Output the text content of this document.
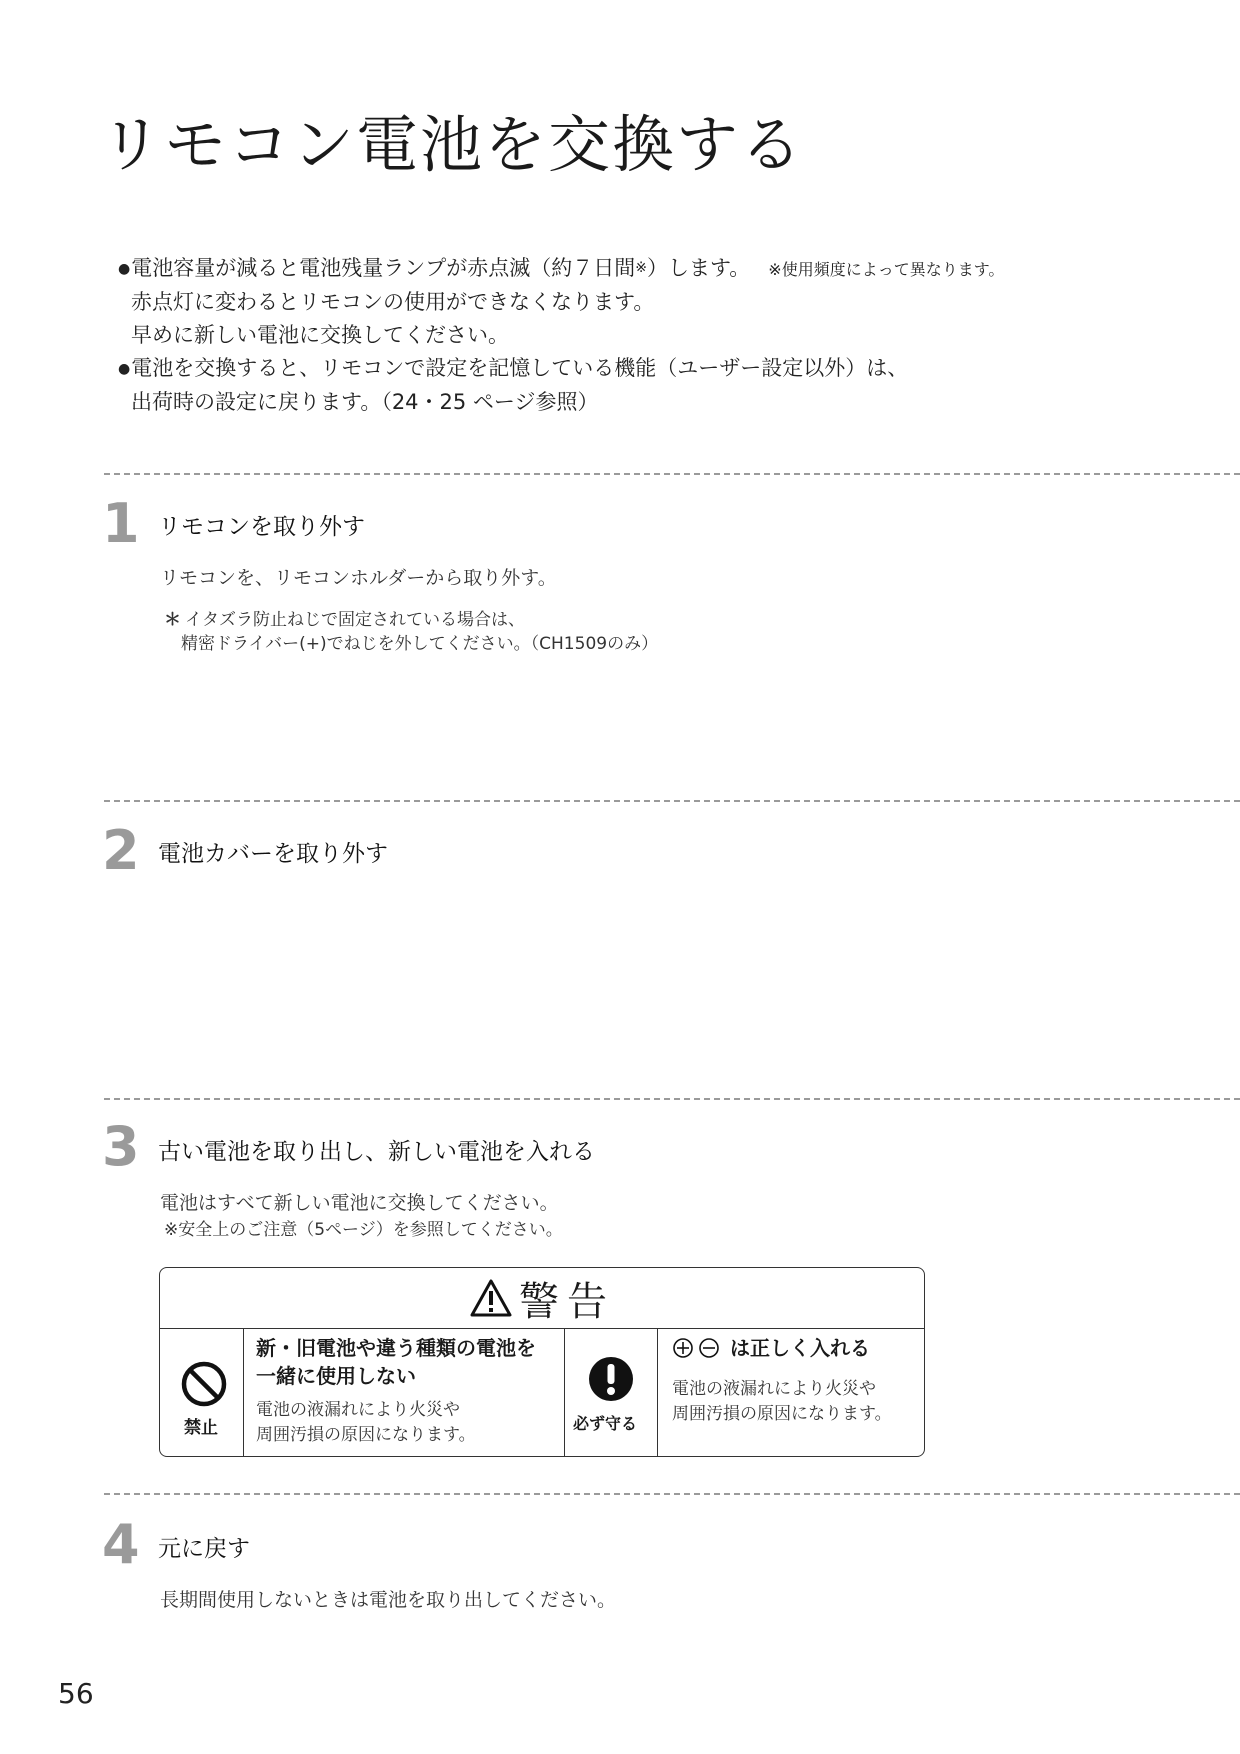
リモコン電池を交換する
●電池容量が減ると電池残量ランプが赤点滅（約７日間※）します。 ※使用頻度によって異なります。
赤点灯に変わるとリモコンの使用ができなくなります。
早めに新しい電池に交換してください。
●電池を交換すると、リモコンで設定を記憶している機能（ユーザー設定以外）は、
出荷時の設定に戻ります。（24・25 ページ参照）
1 リモコンを取り外す
リモコンを、リモコンホルダーから取り外す。
＊ イタズラ防止ねじで固定されている場合は、
精密ドライバー(+)でねじを外してください。（CH1509のみ）
2 電池カバーを取り外す
3 古い電池を取り出し、新しい電池を入れる
電池はすべて新しい電池に交換してください。
※安全上のご注意（5ページ）を参照してください。
警告
禁止
新・旧電池や違う種類の電池を
一緒に使用しない
電池の液漏れにより火災や
周囲汚損の原因になります。
必ず守る
は正しく入れる
電池の液漏れにより火災や
周囲汚損の原因になります。
4 元に戻す
長期間使用しないときは電池を取り出してください。
56
